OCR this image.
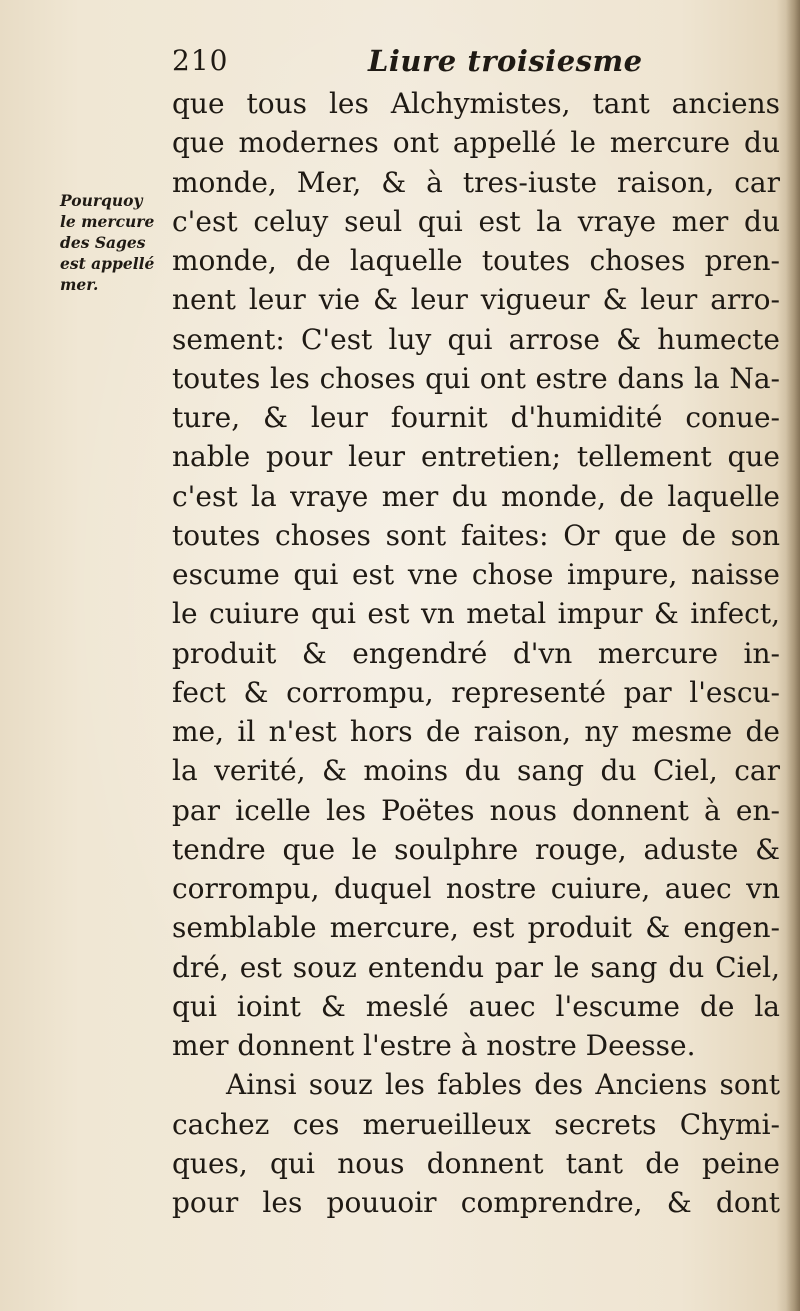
210	Liure troisiesme
Pourquoy
le mercure
des Sages
est appellé
mer.
que tous les Alchymistes, tant anciens
que modernes ont appellé le mercure du
monde, Mer, & à tres-iuste raison, car
c'est celuy seul qui est la vraye mer du
monde, de laquelle toutes choses pren-
nent leur vie & leur vigueur & leur arro-
sement: C'est luy qui arrose & humecte
toutes les choses qui ont estre dans la Na-
ture, & leur fournit d'humidité conue-
nable pour leur entretien; tellement que
c'est la vraye mer du monde, de laquelle
toutes choses sont faites: Or que de son
escume qui est vne chose impure, naisse
le cuiure qui est vn metal impur & infect,
produit & engendré d'vn mercure in-
fect & corrompu, representé par l'escu-
me, il n'est hors de raison, ny mesme de
la verité, & moins du sang du Ciel, car
par icelle les Poëtes nous donnent à en-
tendre que le soulphre rouge, aduste &
corrompu, duquel nostre cuiure, auec vn
semblable mercure, est produit & engen-
dré, est souz entendu par le sang du Ciel,
qui ioint & meslé auec l'escume de la
mer donnent l'estre à nostre Deesse.
Ainsi souz les fables des Anciens sont
cachez ces merueilleux secrets Chymi-
ques, qui nous donnent tant de peine
pour les pouuoir comprendre, & dont
